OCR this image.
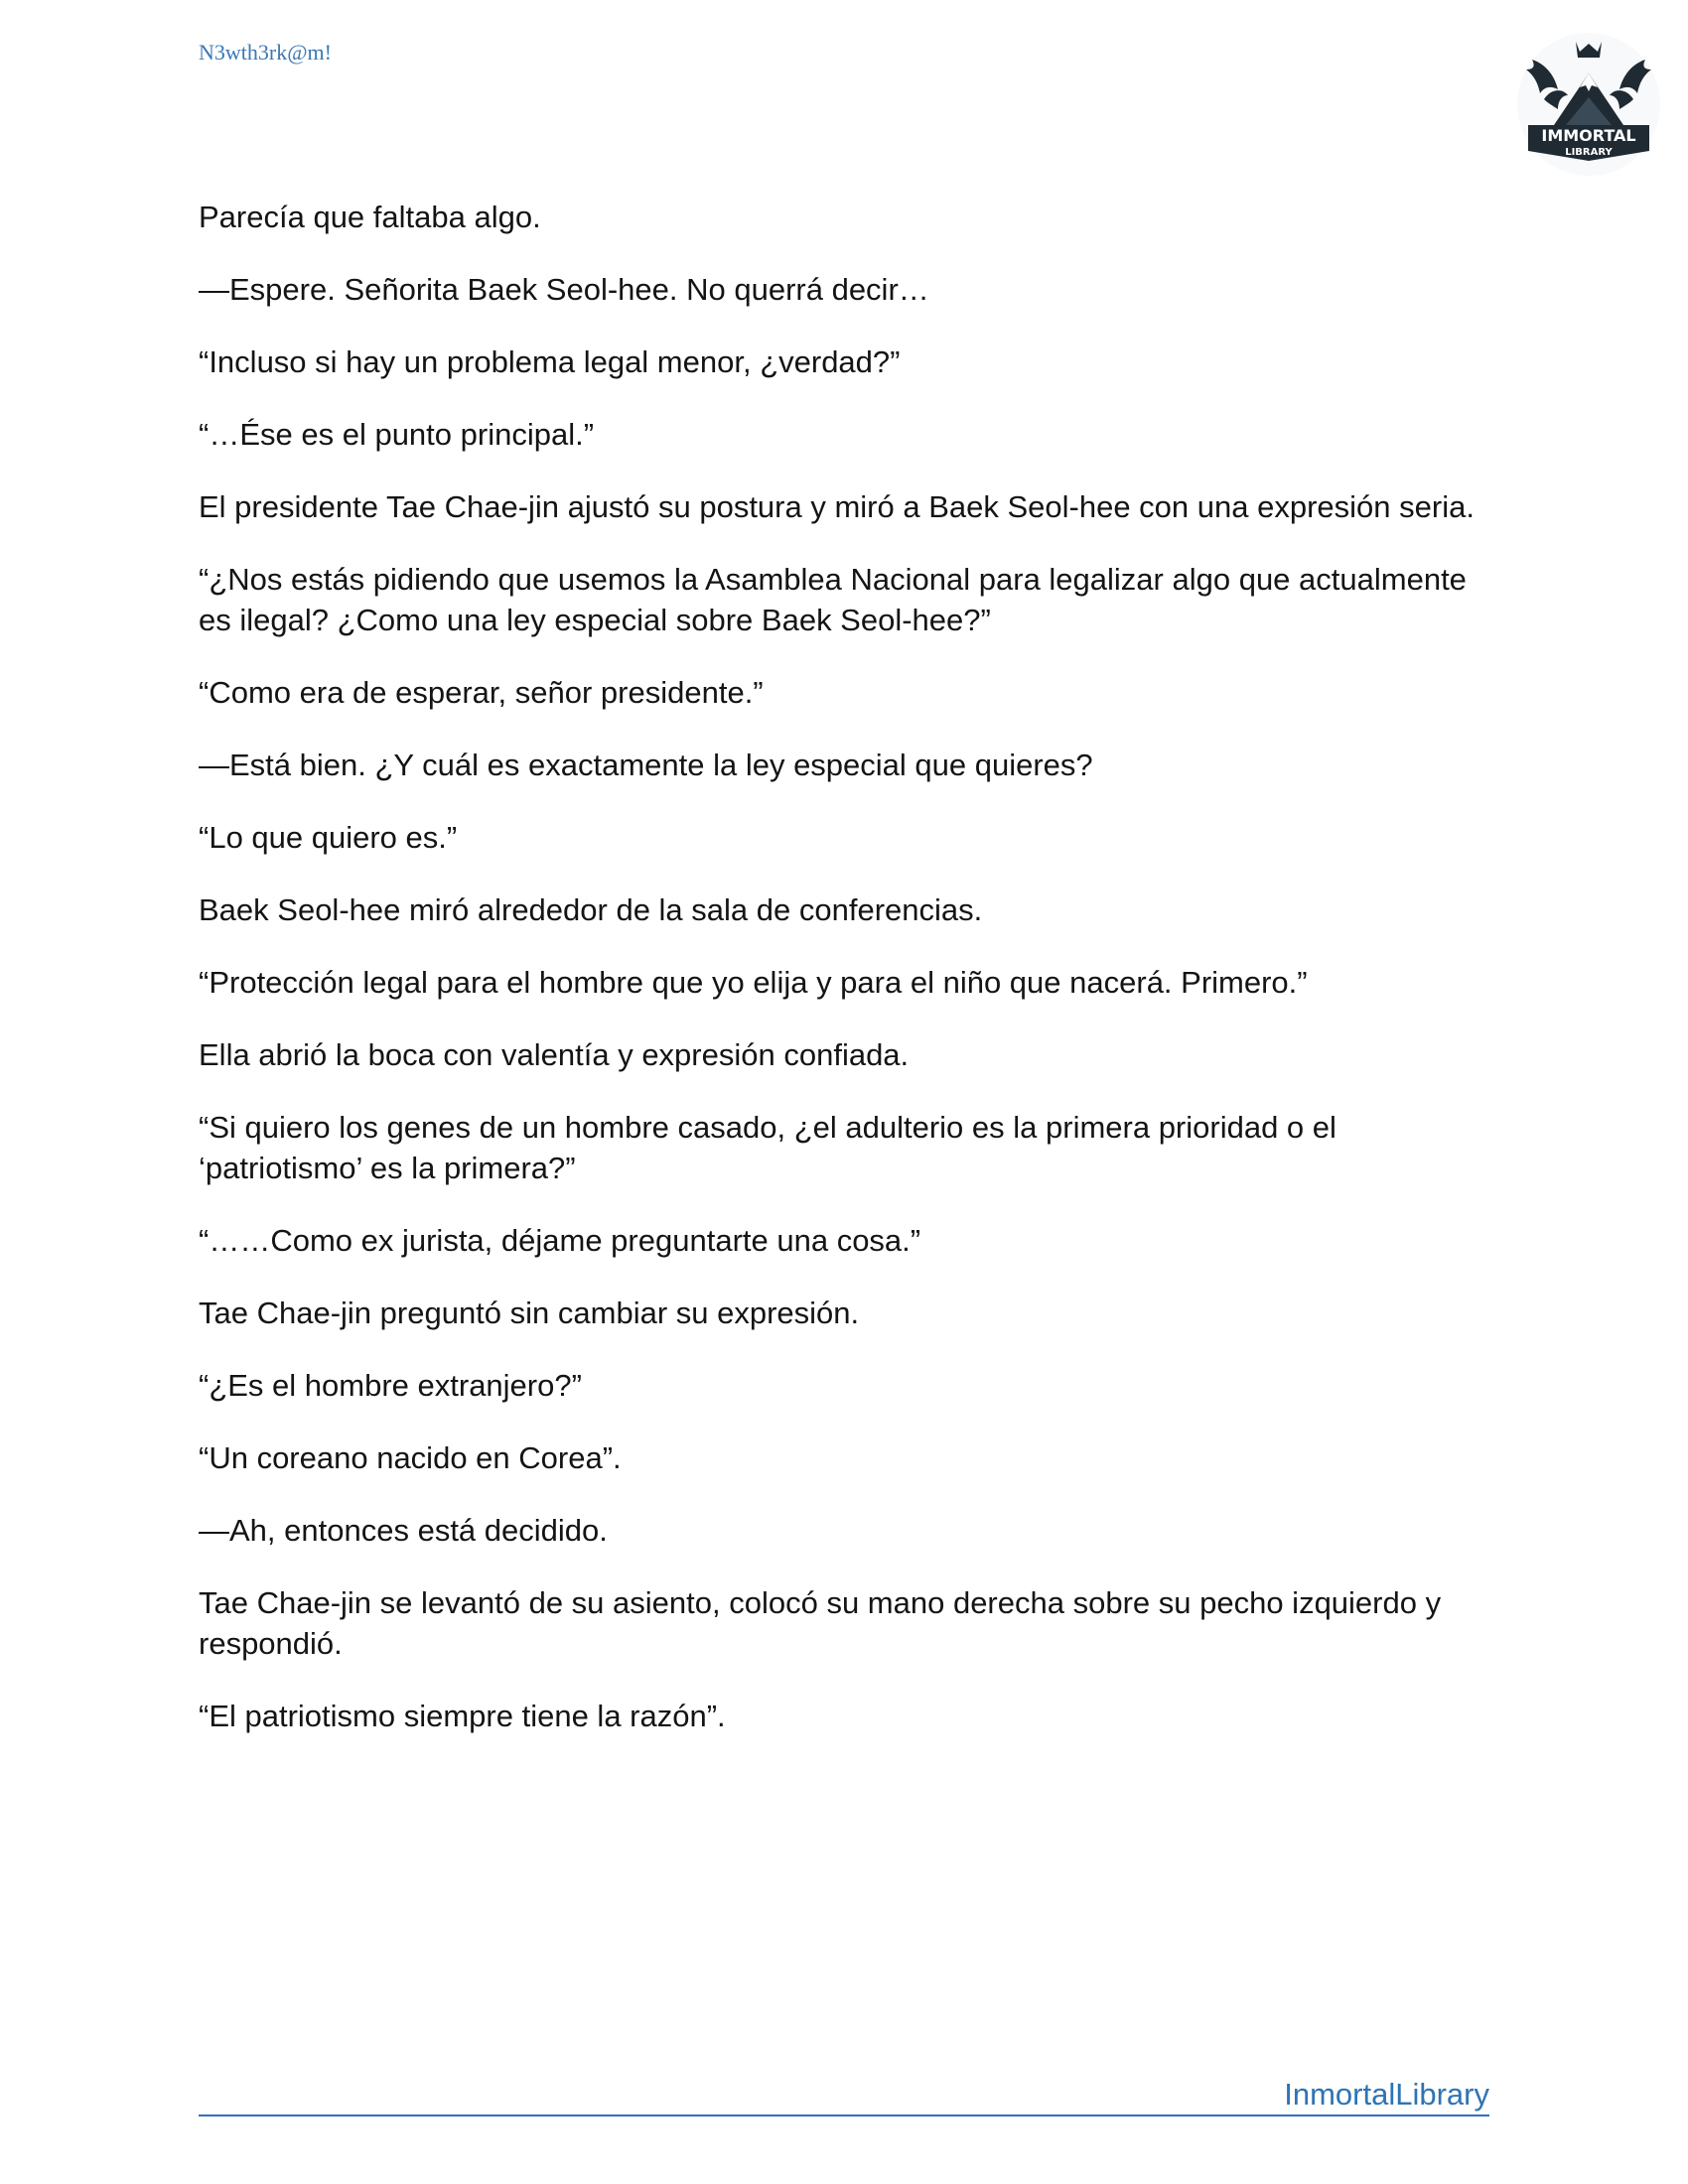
N3wth3rk@m!
IMMORTAL
LIBRARY

Parecía que faltaba algo.

—Espere. Señorita Baek Seol-hee. No querrá decir…

“Incluso si hay un problema legal menor, ¿verdad?”

“…Ése es el punto principal.”

El presidente Tae Chae-jin ajustó su postura y miró a Baek Seol-hee con una expresión seria.

“¿Nos estás pidiendo que usemos la Asamblea Nacional para legalizar algo que actualmente es ilegal? ¿Como una ley especial sobre Baek Seol-hee?”

“Como era de esperar, señor presidente.”

—Está bien. ¿Y cuál es exactamente la ley especial que quieres?

“Lo que quiero es.”

Baek Seol-hee miró alrededor de la sala de conferencias.

“Protección legal para el hombre que yo elija y para el niño que nacerá. Primero.”

Ella abrió la boca con valentía y expresión confiada.

“Si quiero los genes de un hombre casado, ¿el adulterio es la primera prioridad o el ‘patriotismo’ es la primera?”

“……Como ex jurista, déjame preguntarte una cosa.”

Tae Chae-jin preguntó sin cambiar su expresión.

“¿Es el hombre extranjero?”

“Un coreano nacido en Corea”.

—Ah, entonces está decidido.

Tae Chae-jin se levantó de su asiento, colocó su mano derecha sobre su pecho izquierdo y respondió.

“El patriotismo siempre tiene la razón”.

InmortalLibrary
